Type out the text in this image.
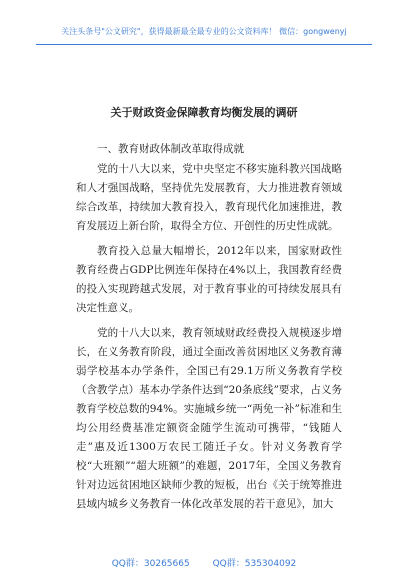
关注头条号"公文研究"，获得最新最全最专业的公文资料库！ 微信：gongwenyj
关于财政资金保障教育均衡发展的调研

一、教育财政体制改革取得成就

党的十八大以来，党中央坚定不移实施科教兴国战略和人才强国战略，坚持优先发展教育，大力推进教育领域综合改革，持续加大教育投入，教育现代化加速推进，教育发展迈上新台阶，取得全方位、开创性的历史性成就。

教育投入总量大幅增长，2012年以来，国家财政性教育经费占GDP比例连年保持在4%以上，我国教育经费的投入实现跨越式发展，对于教育事业的可持续发展具有决定性意义。

党的十八大以来，教育领域财政经费投入规模逐步增长，在义务教育阶段，通过全面改善贫困地区义务教育薄弱学校基本办学条件，全国已有29.1万所义务教育学校（含教学点）基本办学条件达到“20条底线”要求，占义务教育学校总数的94%。实施城乡统一“两免一补”标准和生均公用经费基准定额资金随学生流动可携带，“钱随人走”惠及近1300万农民工随迁子女。针对义务教育学校“大班额”“超大班额”的难题，2017年，全国义务教育针对边远贫困地区缺师少教的短板，出台《关于统筹推进县域内城乡义务教育一体化改革发展的若干意见》，加大

QQ群：30265665	QQ群：535304092
